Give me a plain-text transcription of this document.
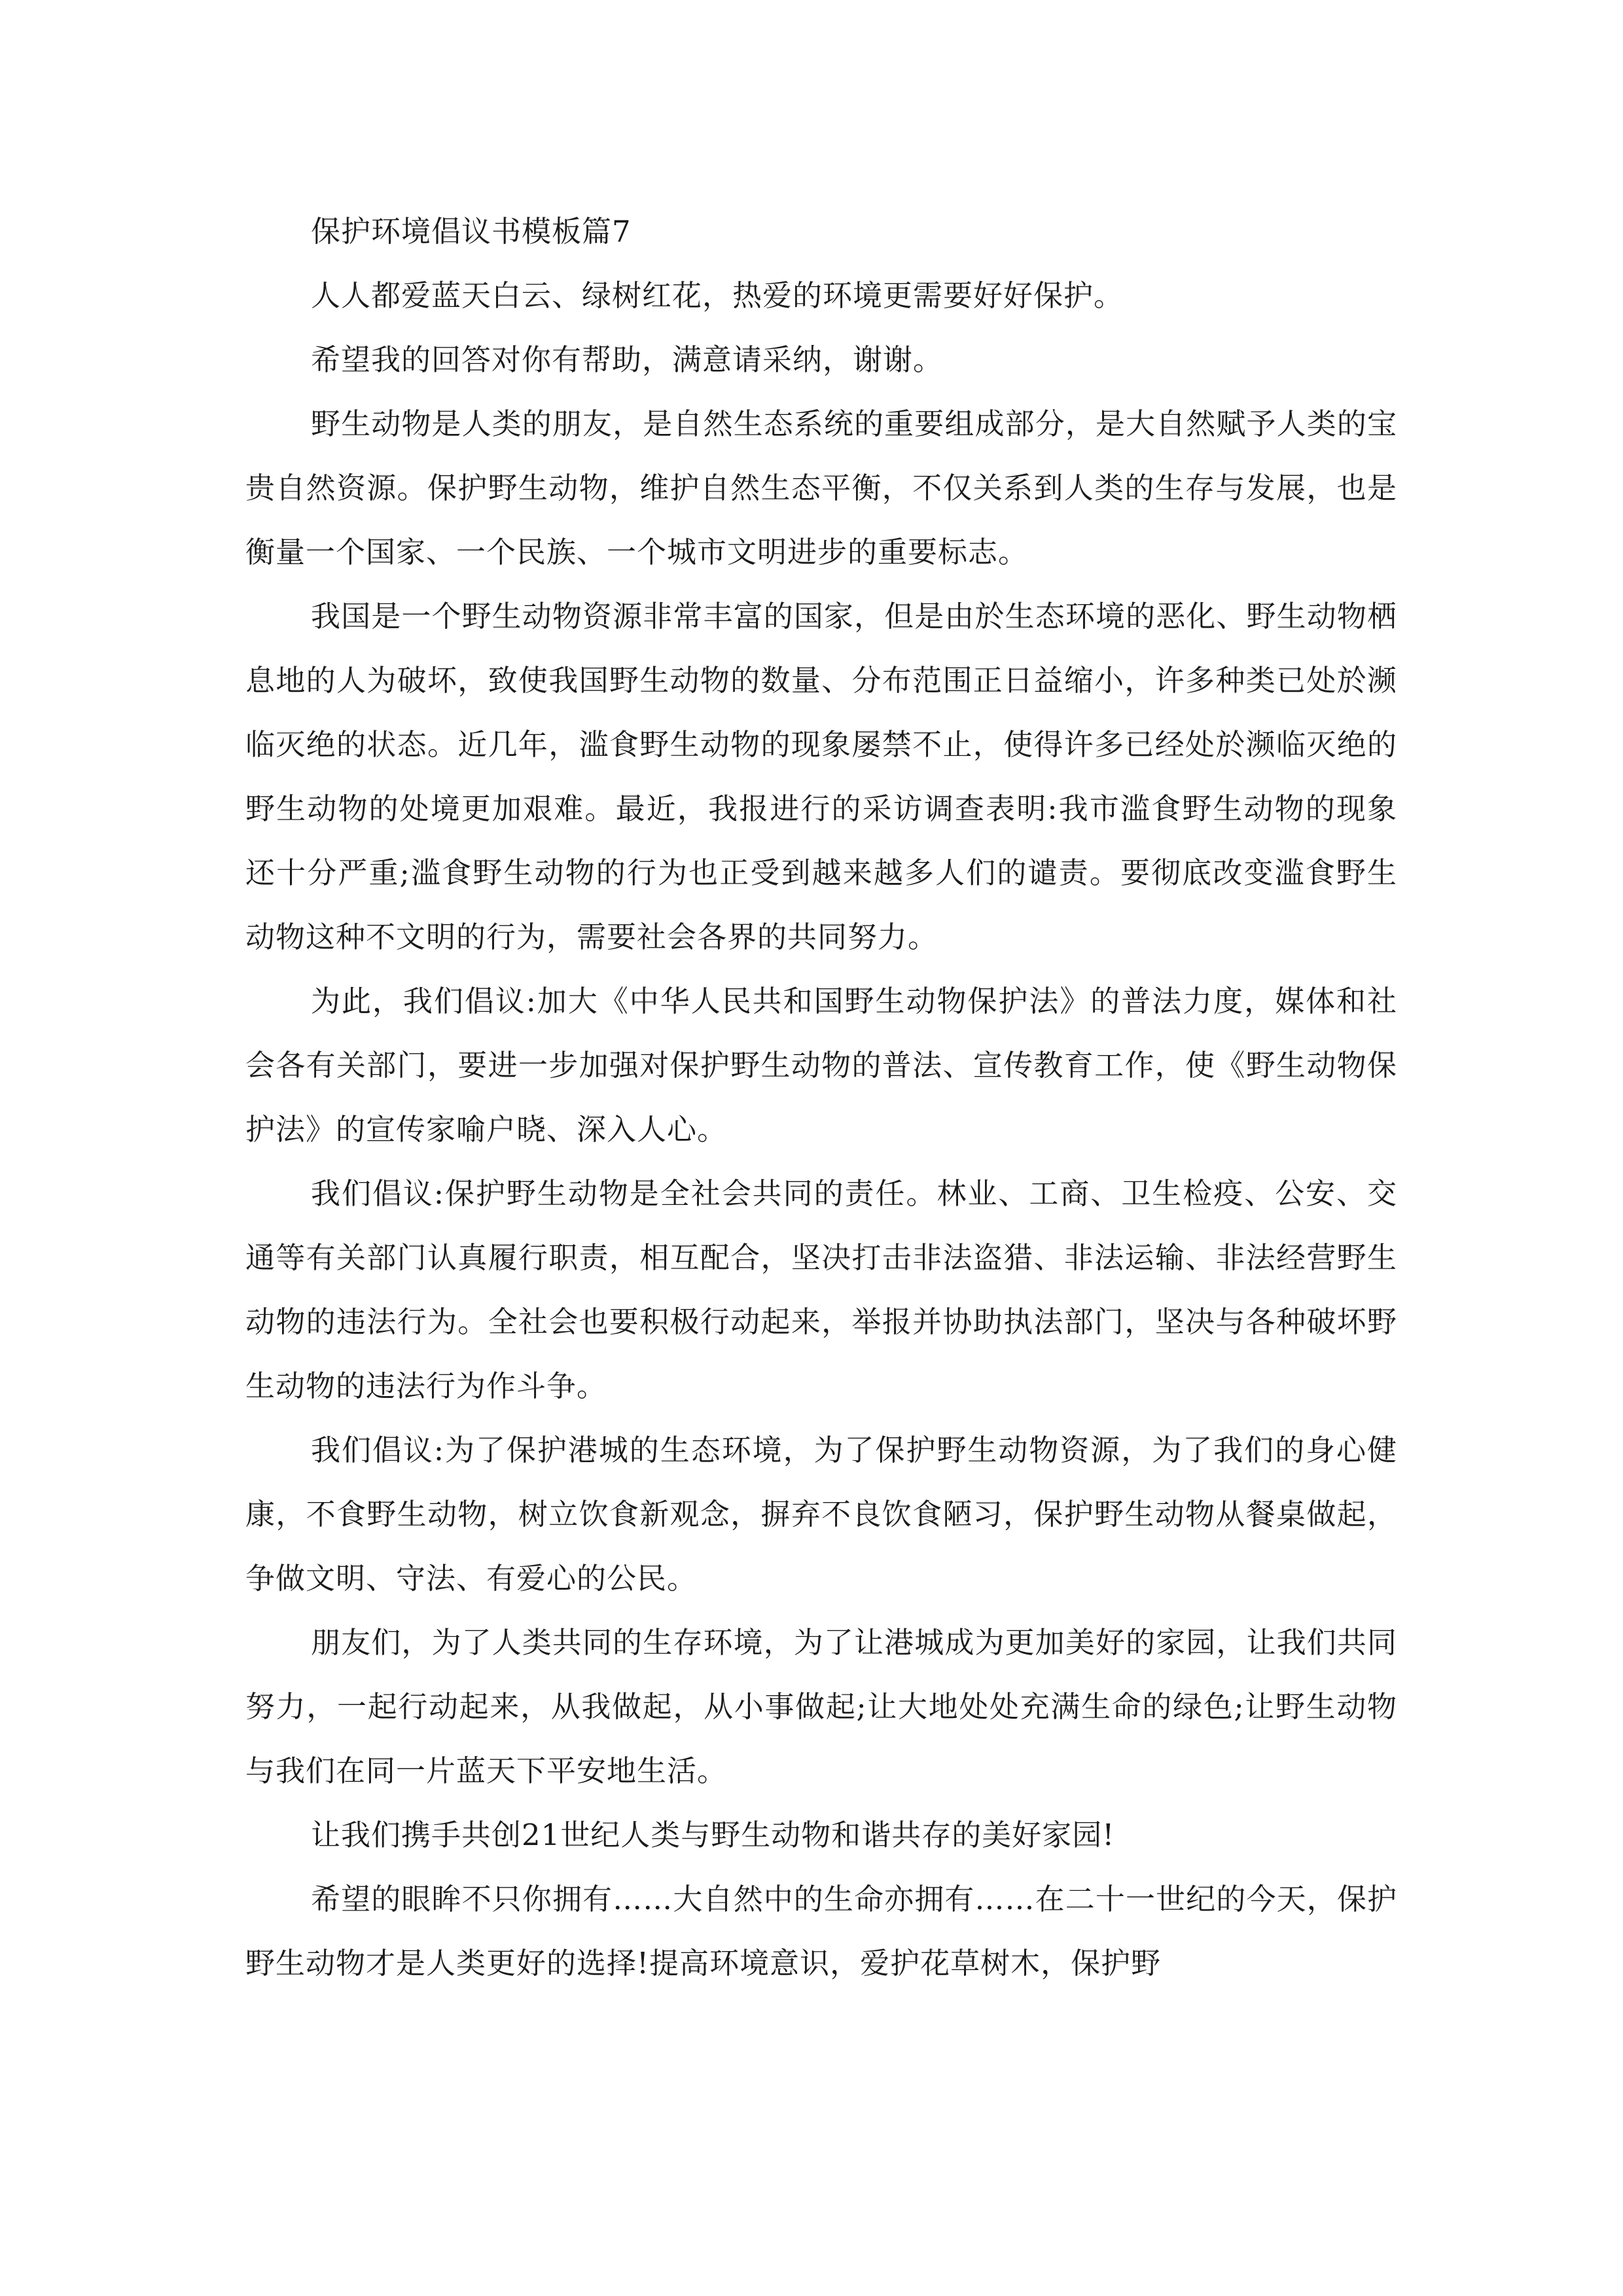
保护环境倡议书模板篇7

人人都爱蓝天白云、绿树红花，热爱的环境更需要好好保护。

希望我的回答对你有帮助，满意请采纳，谢谢。

野生动物是人类的朋友，是自然生态系统的重要组成部分，是大自然赋予人类的宝贵自然资源。保护野生动物，维护自然生态平衡，不仅关系到人类的生存与发展，也是衡量一个国家、一个民族、一个城市文明进步的重要标志。

我国是一个野生动物资源非常丰富的国家，但是由於生态环境的恶化、野生动物栖息地的人为破坏，致使我国野生动物的数量、分布范围正日益缩小，许多种类已处於濒临灭绝的状态。近几年，滥食野生动物的现象屡禁不止，使得许多已经处於濒临灭绝的野生动物的处境更加艰难。最近，我报进行的采访调查表明:我市滥食野生动物的现象还十分严重;滥食野生动物的行为也正受到越来越多人们的谴责。要彻底改变滥食野生动物这种不文明的行为，需要社会各界的共同努力。

为此，我们倡议:加大《中华人民共和国野生动物保护法》的普法力度，媒体和社会各有关部门，要进一步加强对保护野生动物的普法、宣传教育工作，使《野生动物保护法》的宣传家喻户晓、深入人心。

我们倡议:保护野生动物是全社会共同的责任。林业、工商、卫生检疫、公安、交通等有关部门认真履行职责，相互配合，坚决打击非法盗猎、非法运输、非法经营野生动物的违法行为。全社会也要积极行动起来，举报并协助执法部门，坚决与各种破坏野生动物的违法行为作斗争。

我们倡议:为了保护港城的生态环境，为了保护野生动物资源，为了我们的身心健康，不食野生动物，树立饮食新观念，摒弃不良饮食陋习，保护野生动物从餐桌做起，争做文明、守法、有爱心的公民。

朋友们，为了人类共同的生存环境，为了让港城成为更加美好的家园，让我们共同努力，一起行动起来，从我做起，从小事做起;让大地处处充满生命的绿色;让野生动物与我们在同一片蓝天下平安地生活。

让我们携手共创21世纪人类与野生动物和谐共存的美好家园!

希望的眼眸不只你拥有……大自然中的生命亦拥有……在二十一世纪的今天，保护野生动物才是人类更好的选择!提高环境意识，爱护花草树木，保护野
